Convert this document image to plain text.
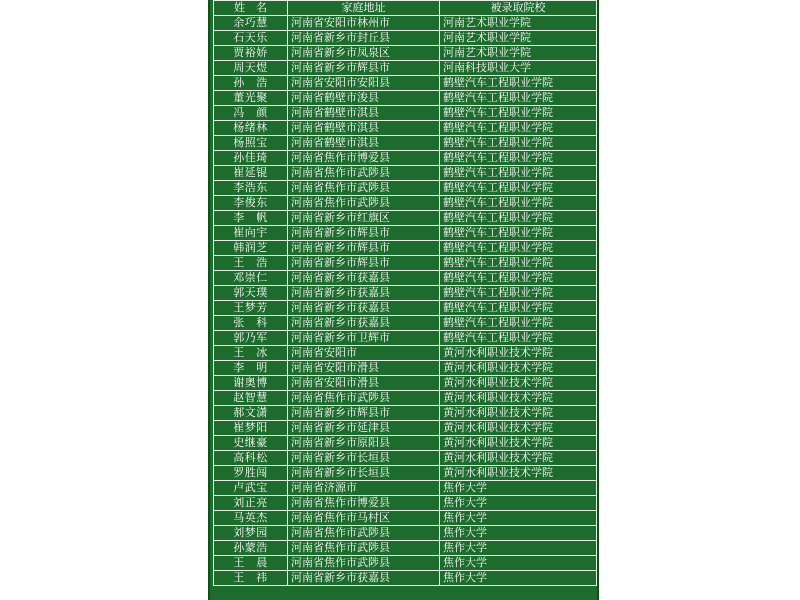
姓　名	家庭地址	被录取院校
余巧慧	河南省安阳市林州市	河南艺术职业学院
石天乐	河南省新乡市封丘县	河南艺术职业学院
贾裕娇	河南省新乡市凤泉区	河南艺术职业学院
周天煜	河南省新乡市辉县市	河南科技职业大学
孙　浩	河南省安阳市安阳县	鹤壁汽车工程职业学院
董光聚	河南省鹤壁市浚县	鹤壁汽车工程职业学院
冯　颜	河南省鹤壁市淇县	鹤壁汽车工程职业学院
杨绪林	河南省鹤壁市淇县	鹤壁汽车工程职业学院
杨照宝	河南省鹤壁市淇县	鹤壁汽车工程职业学院
孙佳琦	河南省焦作市博爱县	鹤壁汽车工程职业学院
崔延锟	河南省焦作市武陟县	鹤壁汽车工程职业学院
李浩东	河南省焦作市武陟县	鹤壁汽车工程职业学院
李俊东	河南省焦作市武陟县	鹤壁汽车工程职业学院
李　帆	河南省新乡市红旗区	鹤壁汽车工程职业学院
崔向宇	河南省新乡市辉县市	鹤壁汽车工程职业学院
韩润芝	河南省新乡市辉县市	鹤壁汽车工程职业学院
王　浩	河南省新乡市辉县市	鹤壁汽车工程职业学院
邓崇仁	河南省新乡市获嘉县	鹤壁汽车工程职业学院
郭天璞	河南省新乡市获嘉县	鹤壁汽车工程职业学院
王梦芳	河南省新乡市获嘉县	鹤壁汽车工程职业学院
张　科	河南省新乡市获嘉县	鹤壁汽车工程职业学院
郭乃军	河南省新乡市卫辉市	鹤壁汽车工程职业学院
王　冰	河南省安阳市	黄河水利职业技术学院
李　明	河南省安阳市滑县	黄河水利职业技术学院
谢奥博	河南省安阳市滑县	黄河水利职业技术学院
赵智慧	河南省焦作市武陟县	黄河水利职业技术学院
郝文潇	河南省新乡市辉县市	黄河水利职业技术学院
崔梦阳	河南省新乡市延津县	黄河水利职业技术学院
史继豪	河南省新乡市原阳县	黄河水利职业技术学院
高科松	河南省新乡市长垣县	黄河水利职业技术学院
罗胜闯	河南省新乡市长垣县	黄河水利职业技术学院
卢武宝	河南省济源市	焦作大学
刘正亮	河南省焦作市博爱县	焦作大学
马英杰	河南省焦作市马村区	焦作大学
刘梦园	河南省焦作市武陟县	焦作大学
孙蒙浩	河南省焦作市武陟县	焦作大学
王　晨	河南省焦作市武陟县	焦作大学
王　祎	河南省新乡市获嘉县	焦作大学
